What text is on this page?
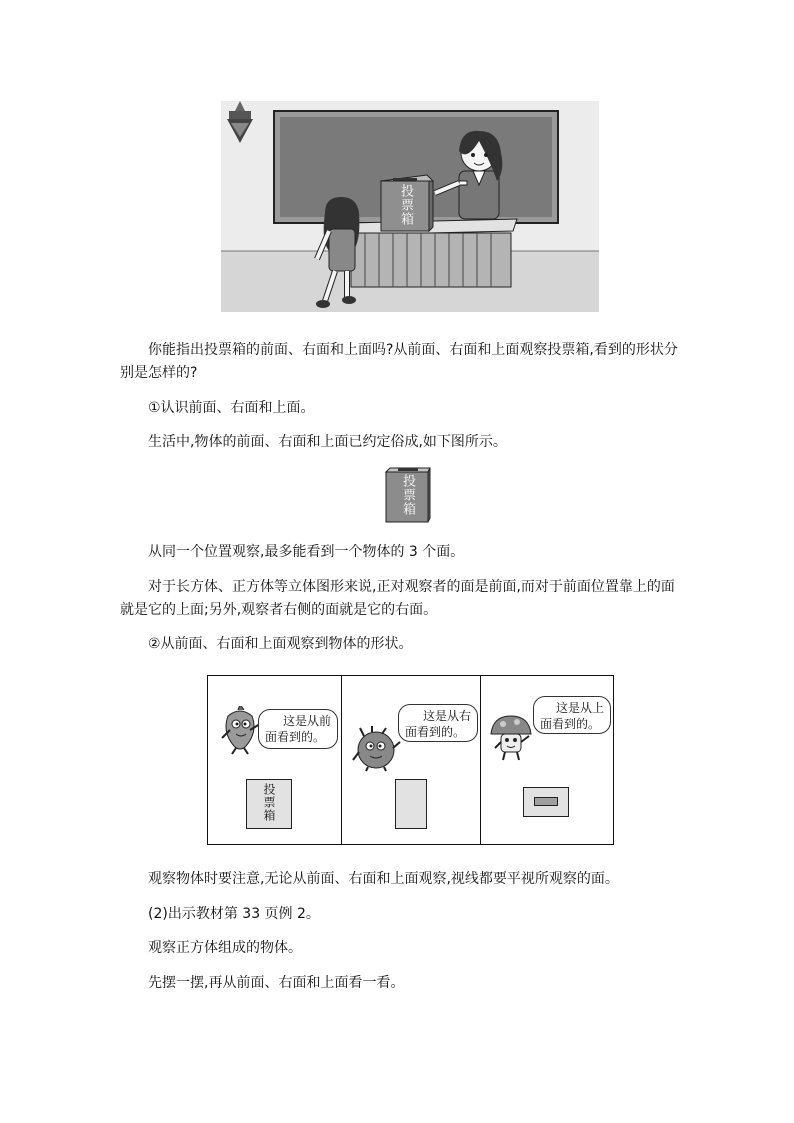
投票箱
你能指出投票箱的前面、右面和上面吗?从前面、右面和上面观察投票箱,看到的形状分
别是怎样的?
①认识前面、右面和上面。
生活中,物体的前面、右面和上面已约定俗成,如下图所示。
投票箱
从同一个位置观察,最多能看到一个物体的 3 个面。
对于长方体、正方体等立体图形来说,正对观察者的面是前面,而对于前面位置靠上的面
就是它的上面;另外,观察者右侧的面就是它的右面。
②从前面、右面和上面观察到物体的形状。
这是从前
面看到的。
投票箱
这是从右
面看到的。
这是从上
面看到的。
观察物体时要注意,无论从前面、右面和上面观察,视线都要平视所观察的面。
(2)出示教材第 33 页例 2。
观察正方体组成的物体。
先摆一摆,再从前面、右面和上面看一看。
